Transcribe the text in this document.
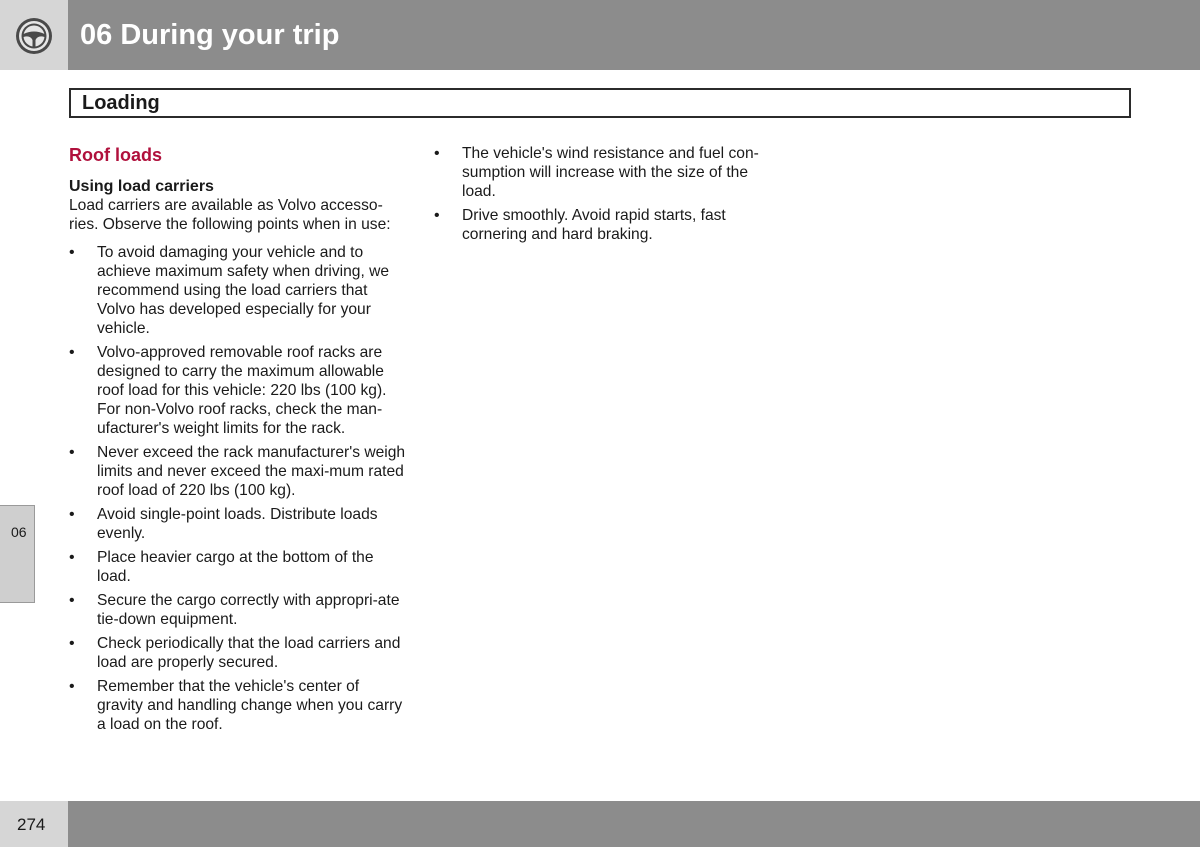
06 During your trip
Loading
06
Roof loads
Using load carriers

Load carriers are available as Volvo accesso-ries. Observe the following points when in use:

• To avoid damaging your vehicle and to achieve maximum safety when driving, we recommend using the load carriers that Volvo has developed especially for your vehicle.
• Volvo-approved removable roof racks are designed to carry the maximum allowable roof load for this vehicle: 220 lbs (100 kg). For non-Volvo roof racks, check the man-ufacturer's weight limits for the rack.
• Never exceed the rack manufacturer's weigh limits and never exceed the maxi-mum rated roof load of 220 lbs (100 kg).
• Avoid single-point loads. Distribute loads evenly.
• Place heavier cargo at the bottom of the load.
• Secure the cargo correctly with appropri-ate tie-down equipment.
• Check periodically that the load carriers and load are properly secured.
• Remember that the vehicle's center of gravity and handling change when you carry a load on the roof.
• The vehicle's wind resistance and fuel con-sumption will increase with the size of the load.
• Drive smoothly. Avoid rapid starts, fast cornering and hard braking.
274
